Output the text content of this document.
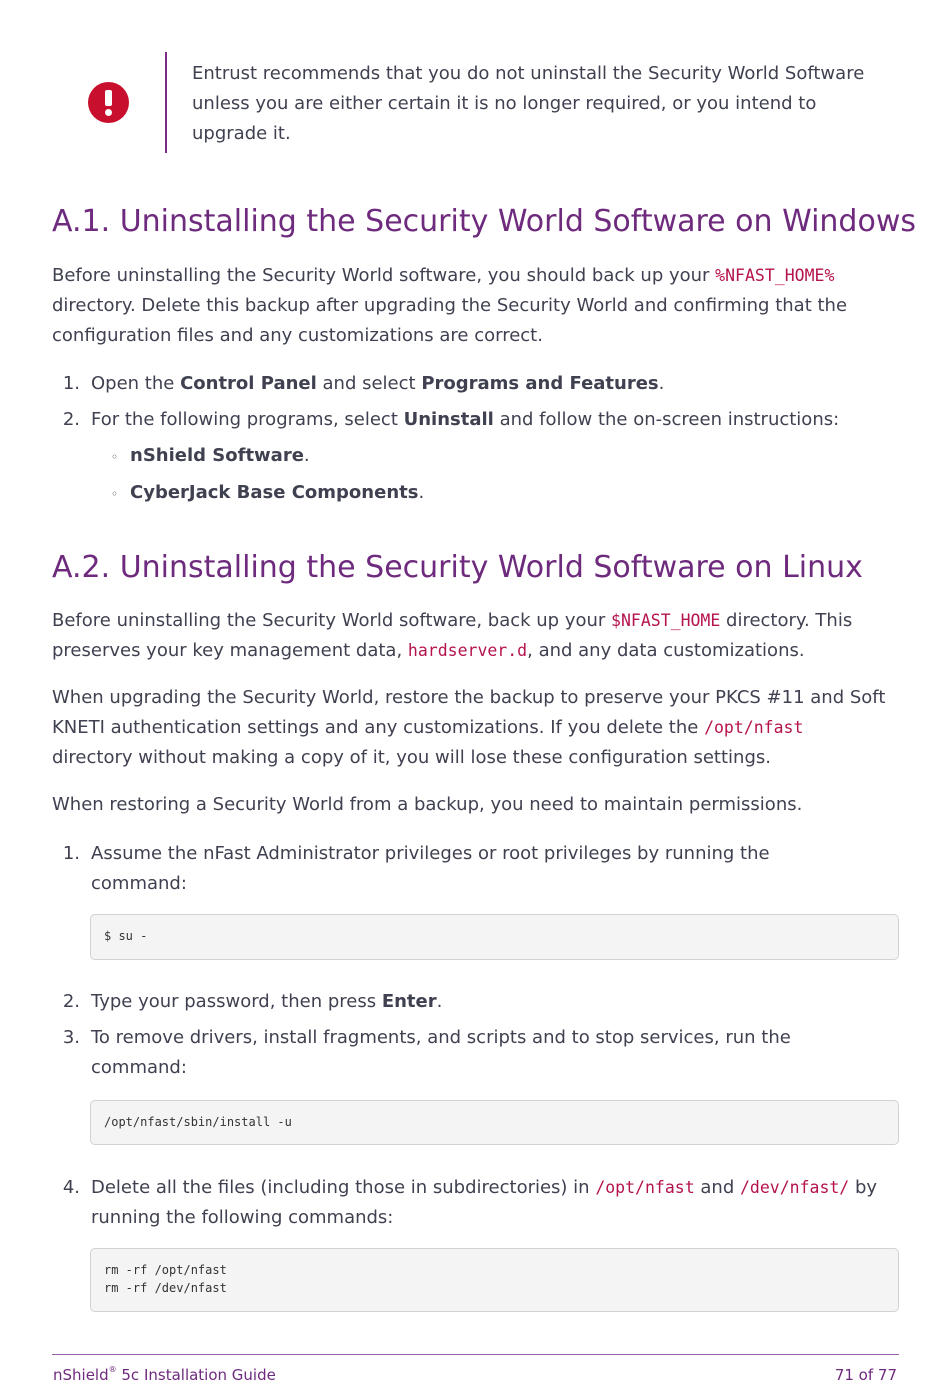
Entrust recommends that you do not uninstall the Security World Software unless you are either certain it is no longer required, or you intend to upgrade it.
A.1. Uninstalling the Security World Software on Windows
Before uninstalling the Security World software, you should back up your %NFAST_HOME%
directory. Delete this backup after upgrading the Security World and confirming that the configuration files and any customizations are correct.
1. Open the Control Panel and select Programs and Features.
2. For the following programs, select Uninstall and follow the on-screen instructions:
◦ nShield Software.
◦ CyberJack Base Components.
A.2. Uninstalling the Security World Software on Linux
Before uninstalling the Security World software, back up your $NFAST_HOME directory. This
preserves your key management data, hardserver.d, and any data customizations.
When upgrading the Security World, restore the backup to preserve your PKCS #11 and Soft KNETI authentication settings and any customizations. If you delete the /opt/nfast
directory without making a copy of it, you will lose these configuration settings.
When restoring a Security World from a backup, you need to maintain permissions.
1. Assume the nFast Administrator privileges or root privileges by running the command:
$ su -
2. Type your password, then press Enter.
3. To remove drivers, install fragments, and scripts and to stop services, run the command:
/opt/nfast/sbin/install -u
4. Delete all the files (including those in subdirectories) in /opt/nfast and /dev/nfast/ by
running the following commands:
rm -rf /opt/nfast
rm -rf /dev/nfast
nShield® 5c Installation Guide	71 of 77
